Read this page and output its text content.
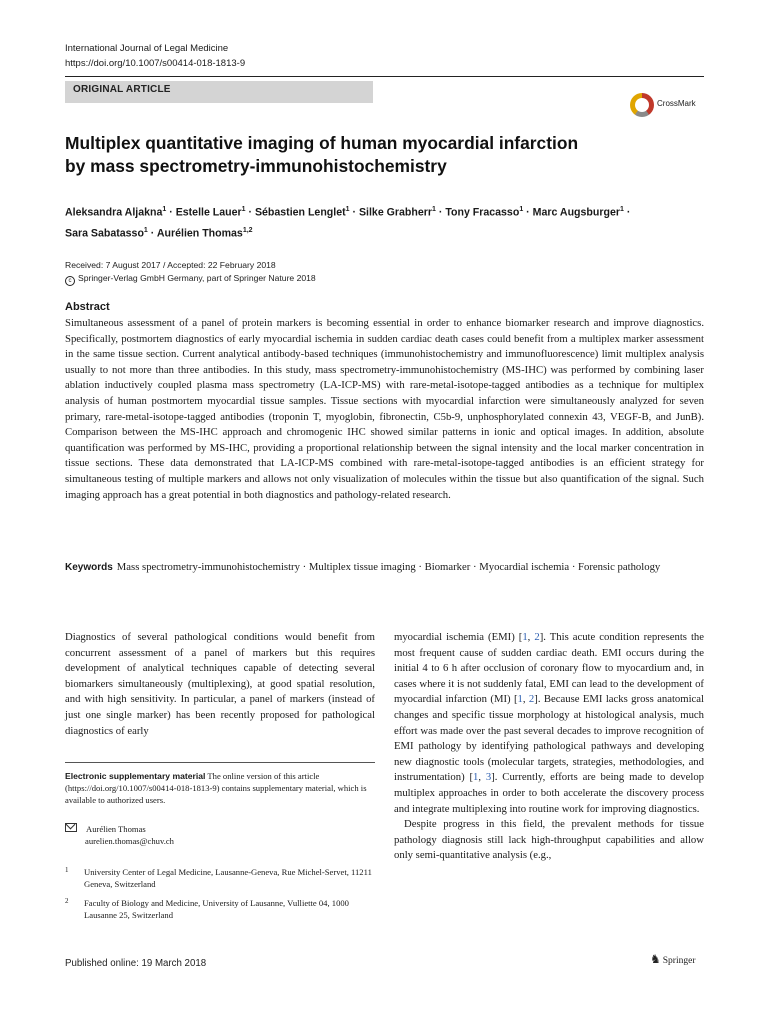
International Journal of Legal Medicine
https://doi.org/10.1007/s00414-018-1813-9
ORIGINAL ARTICLE
CrossMark
Multiplex quantitative imaging of human myocardial infarction
by mass spectrometry-immunohistochemistry
Aleksandra Aljakna$^1$ · Estelle Lauer$^1$ · Sébastien Lenglet$^1$ · Silke Grabherr$^1$ · Tony Fracasso$^1$ · Marc Augsburger$^1$ ·
Sara Sabatasso$^1$ · Aurélien Thomas$^{1,2}$
Received: 7 August 2017 / Accepted: 22 February 2018
c Springer-Verlag GmbH Germany, part of Springer Nature 2018
Abstract
Simultaneous assessment of a panel of protein markers is becoming essential in order to enhance biomarker research and improve diagnostics. Specifically, postmortem diagnostics of early myocardial ischemia in sudden cardiac death cases could benefit from a multiplex marker assessment in the same tissue section. Current analytical antibody-based techniques (immunohistochemistry and immunofluorescence) limit multiplex analysis usually to not more than three antibodies. In this study, mass spectrometry-immunohistochemistry (MS-IHC) was performed by combining laser ablation inductively coupled plasma mass spectrometry (LA-ICP-MS) with rare-metal-isotope-tagged antibodies as a technique for multiplex analysis of human postmortem myocardial tissue samples. Tissue sections with myocardial infarction were simultaneously analyzed for seven primary, rare-metal-isotope-tagged antibodies (troponin T, myoglobin, fibronectin, C5b-9, unphosphorylated connexin 43, VEGF-B, and JunB). Comparison between the MS-IHC approach and chromogenic IHC showed similar patterns in ionic and optical images. In addition, absolute quantification was performed by MS-IHC, providing a proportional relationship between the signal intensity and the local marker concentration in tissue sections. These data demonstrated that LA-ICP-MS combined with rare-metal-isotope-tagged antibodies is an efficient strategy for simultaneous testing of multiple markers and allows not only visualization of molecules within the tissue but also quantification of the signal. Such imaging approach has a great potential in both diagnostics and pathology-related research.
Keywords Mass spectrometry-immunohistochemistry · Multiplex tissue imaging · Biomarker · Myocardial ischemia · Forensic pathology

Diagnostics of several pathological conditions would benefit from concurrent assessment of a panel of markers but this requires development of analytical techniques capable of detecting several biomarkers simultaneously (multiplexing), at good spatial resolution, and with high sensitivity. In particular, a panel of markers (instead of just one single marker) has been recently proposed for pathological diagnostics of early

myocardial ischemia (EMI) [1, 2]. This acute condition represents the most frequent cause of sudden cardiac death. EMI occurs during the initial 4 to 6 h after occlusion of coronary flow to myocardium and, in cases where it is not suddenly fatal, EMI can lead to the development of myocardial infarction (MI) [1, 2]. Because EMI lacks gross anatomical changes and specific tissue morphology at histological analysis, much effort was made over the past several decades to improve recognition of EMI pathology by identifying pathological pathways and developing new diagnostic tools (molecular targets, strategies, methodologies, and instrumentation) [1, 3]. Currently, efforts are being made to develop multiplex approaches in order to both accelerate the discovery process and integrate multiplexing into routine work for improving diagnostics.

Despite progress in this field, the prevalent methods for tissue pathology diagnosis still lack high-throughput capabilities and allow only semi-quantitative analysis (e.g.,

Electronic supplementary material The online version of this article (https://doi.org/10.1007/s00414-018-1813-9) contains supplementary material, which is available to authorized users.
Aurélien Thomas
aurelien.thomas@chuv.ch
1 University Center of Legal Medicine, Lausanne-Geneva, Rue Michel-Servet, 11211 Geneva, Switzerland
2 Faculty of Biology and Medicine, University of Lausanne, Vulliette 04, 1000 Lausanne 25, Switzerland
Published online: 19 March 2018	♞ Springer
